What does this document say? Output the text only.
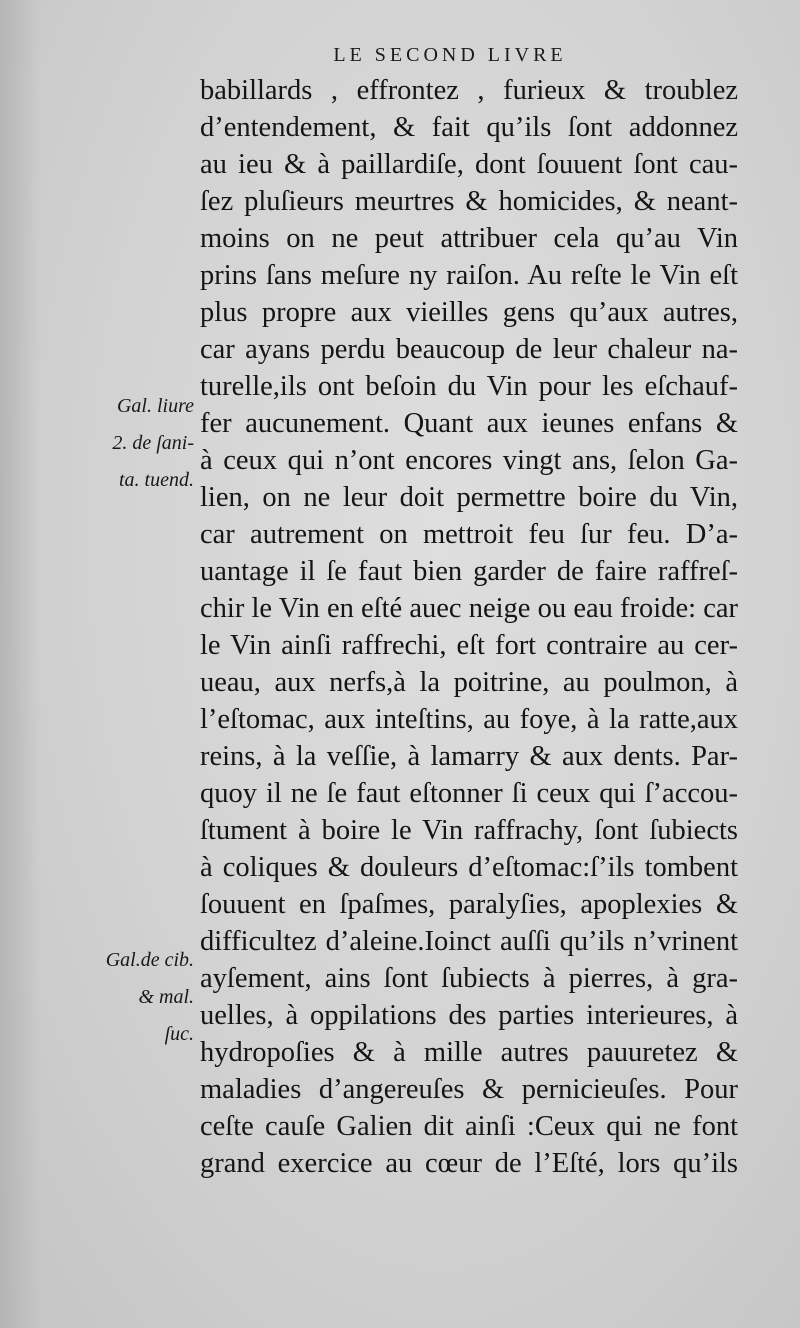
LE SECOND LIVRE
babillards , effrontez , furieux & troublez
d’entendement, & fait qu’ils ſont addonnez
au ieu & à paillardiſe, dont ſouuent ſont cau-
ſez pluſieurs meurtres & homicides, & neant-
moins on ne peut attribuer cela qu’au Vin
prins ſans meſure ny raiſon. Au reſte le Vin eſt
plus propre aux vieilles gens qu’aux autres,
car ayans perdu beaucoup de leur chaleur na-
turelle,ils ont beſoin du Vin pour les eſchauf-
fer aucunement. Quant aux ieunes enfans &
à ceux qui n’ont encores vingt ans, ſelon Ga-
lien, on ne leur doit permettre boire du Vin,
car autrement on mettroit feu ſur feu. D’a-
uantage il ſe faut bien garder de faire raffreſ-
chir le Vin en eſté auec neige ou eau froide: car
le Vin ainſi raffrechi, eſt fort contraire au cer-
ueau, aux nerfs,à la poitrine, au poulmon, à
l’eſtomac, aux inteſtins, au foye, à la ratte,aux
reins, à la veſſie, à lamarry & aux dents. Par-
quoy il ne ſe faut eſtonner ſi ceux qui ſ’accou-
ſtument à boire le Vin raffrachy, ſont ſubiects
à coliques & douleurs d’eſtomac:ſ’ils tombent
ſouuent en ſpaſmes, paralyſies, apoplexies &
difficultez d’aleine.Ioinct auſſi qu’ils n’vrinent
ayſement, ains ſont ſubiects à pierres, à gra-
uelles, à oppilations des parties interieures, à
hydropoſies & à mille autres pauuretez &
maladies d’angereuſes & pernicieuſes. Pour
ceſte cauſe Galien dit ainſi :Ceux qui ne font
grand exercice au cœur de l’Eſté, lors qu’ils
Gal. liure
2. de ſani-
ta. tuend.
Gal.de cib.
& mal.
ſuc.
